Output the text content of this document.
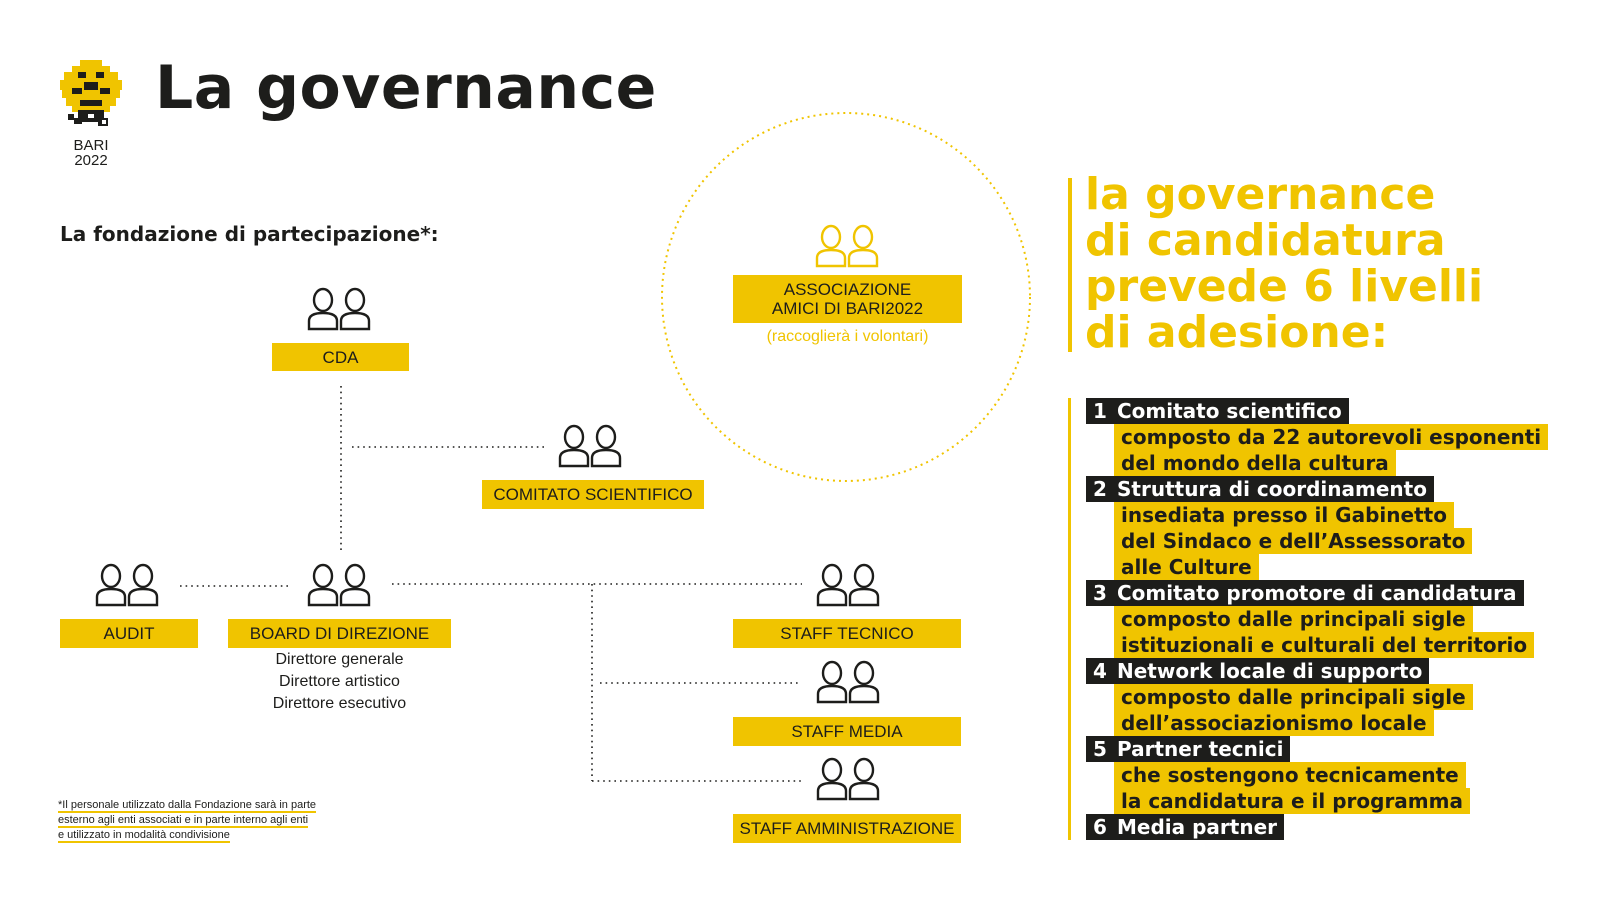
BARI
2022
La governance
La fondazione di partecipazione*:
CDA
COMITATO SCIENTIFICO
AUDIT	BOARD DI DIREZIONE	STAFF TECNICO
STAFF MEDIA
STAFF AMMINISTRAZIONE
ASSOCIAZIONE
AMICI DI BARI2022
(raccoglierà i volontari)
Direttore generale
Direttore artistico
Direttore esecutivo
*Il personale utilizzato dalla Fondazione sarà in parte
esterno agli enti associati e in parte interno agli enti
e utilizzato in modalità condivisione
la governance
di candidatura
prevede 6 livelli
di adesione:
1 Comitato scientifico
composto da 22 autorevoli esponenti
del mondo della cultura
2 Struttura di coordinamento
insediata presso il Gabinetto
del Sindaco e dell’Assessorato
alle Culture
3 Comitato promotore di candidatura
composto dalle principali sigle
istituzionali e culturali del territorio
4 Network locale di supporto
composto dalle principali sigle
dell’associazionismo locale
5 Partner tecnici
che sostengono tecnicamente
la candidatura e il programma
6 Media partner
